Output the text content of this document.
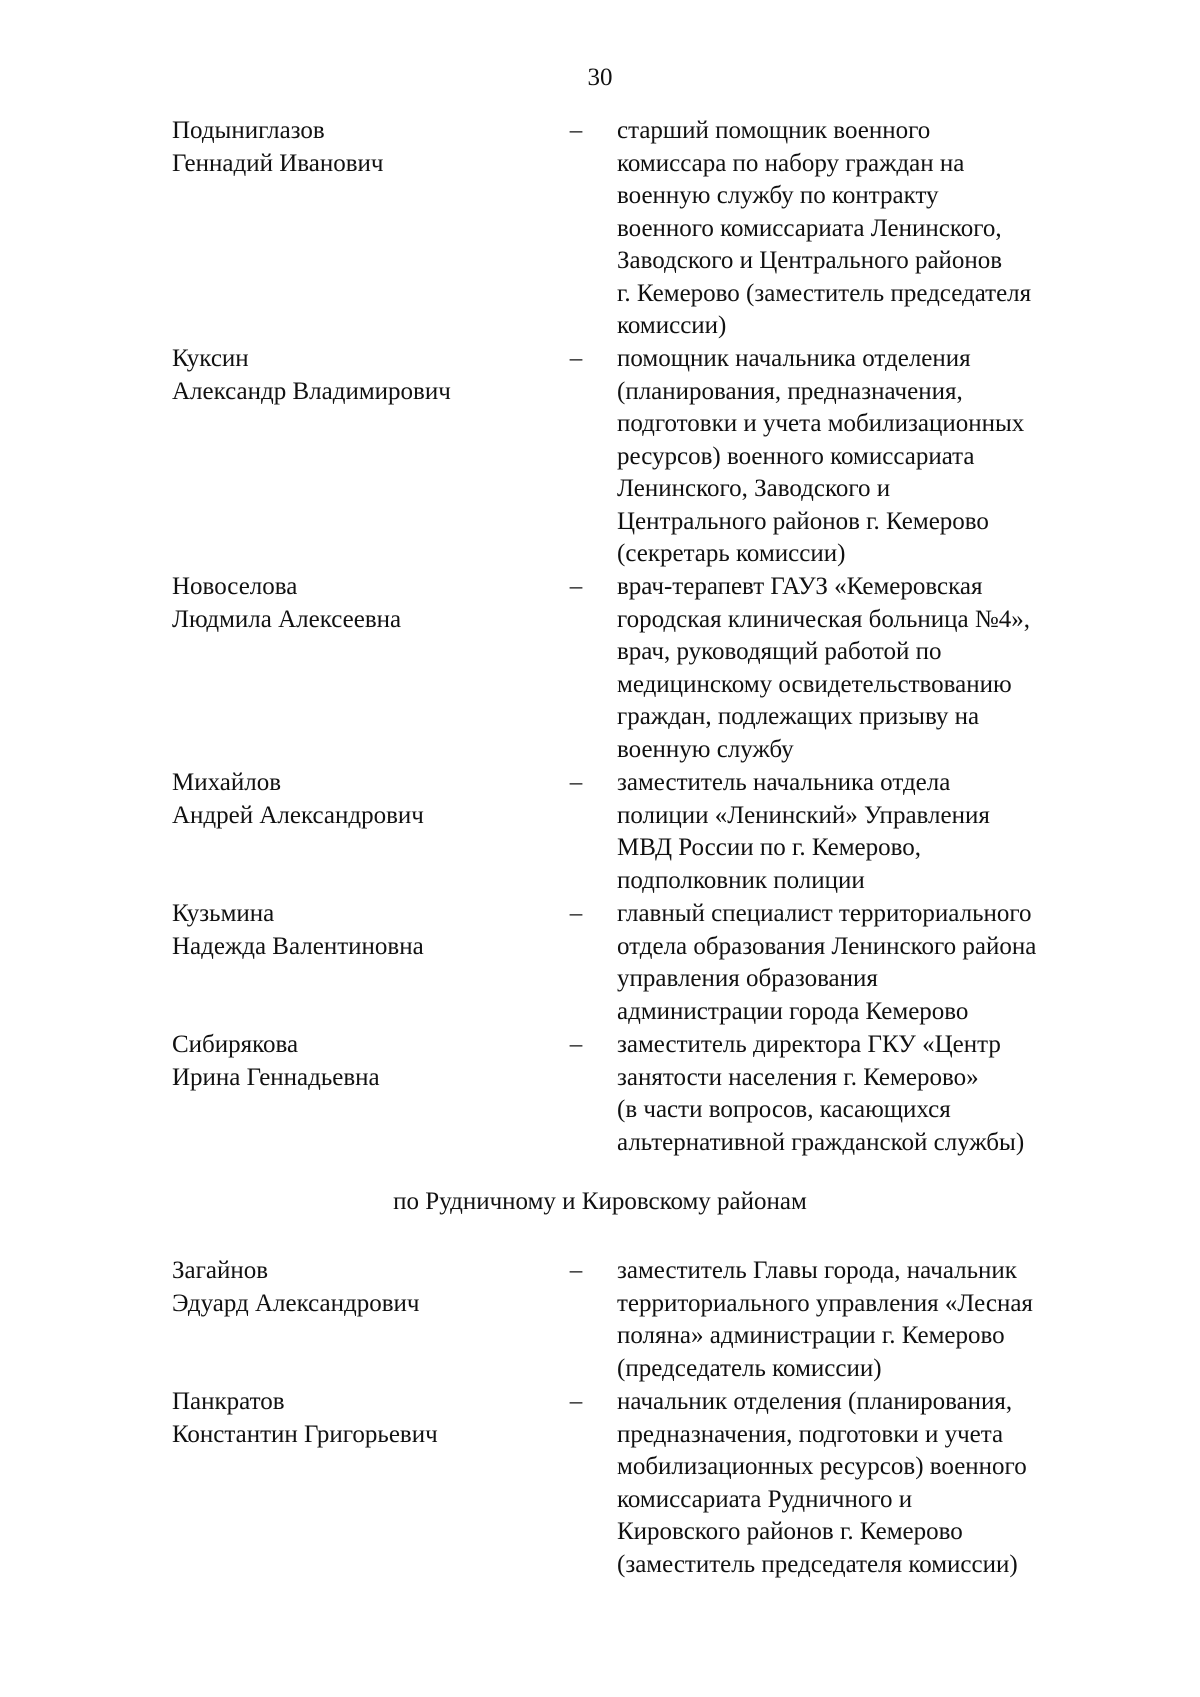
30
Подыниглазов
Геннадий Иванович
– старший помощник военного
комиссара по набору граждан на
военную службу по контракту
военного комиссариата Ленинского,
Заводского и Центрального районов
г. Кемерово (заместитель председателя
комиссии)
Куксин
Александр Владимирович
– помощник начальника отделения
(планирования, предназначения,
подготовки и учета мобилизационных
ресурсов) военного комиссариата
Ленинского, Заводского и
Центрального районов г. Кемерово
(секретарь комиссии)
Новоселова
Людмила Алексеевна
– врач-терапевт ГАУЗ «Кемеровская
городская клиническая больница №4»,
врач, руководящий работой по
медицинскому освидетельствованию
граждан, подлежащих призыву на
военную службу
Михайлов
Андрей Александрович
– заместитель начальника отдела
полиции «Ленинский» Управления
МВД России по г. Кемерово,
подполковник полиции
Кузьмина
Надежда Валентиновна
– главный специалист территориального
отдела образования Ленинского района
управления образования
администрации города Кемерово
Сибирякова
Ирина Геннадьевна
– заместитель директора ГКУ «Центр
занятости населения г. Кемерово»
(в части вопросов, касающихся
альтернативной гражданской службы)
по Рудничному и Кировскому районам
Загайнов
Эдуард Александрович
– заместитель Главы города, начальник
территориального управления «Лесная
поляна» администрации г. Кемерово
(председатель комиссии)
Панкратов
Константин Григорьевич
– начальник отделения (планирования,
предназначения, подготовки и учета
мобилизационных ресурсов) военного
комиссариата Рудничного и
Кировского районов г. Кемерово
(заместитель председателя комиссии)
